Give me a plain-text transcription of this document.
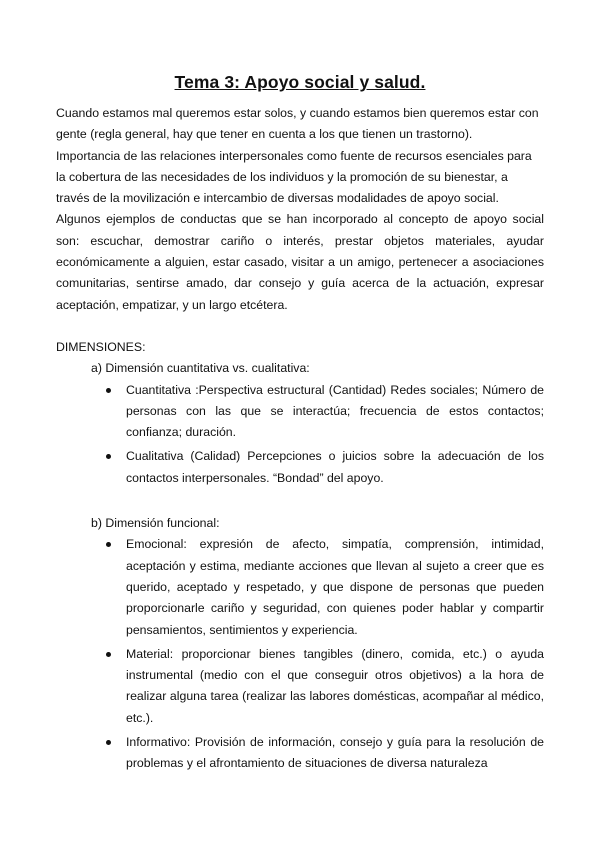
Tema 3: Apoyo social y salud.

Cuando estamos mal queremos estar solos, y cuando estamos bien queremos estar con gente (regla general, hay que tener en cuenta a los que tienen un trastorno).

Importancia de las relaciones interpersonales como fuente de recursos esenciales para la cobertura de las necesidades de los individuos y la promoción de su bienestar, a través de la movilización e intercambio de diversas modalidades de apoyo social.

Algunos ejemplos de conductas que se han incorporado al concepto de apoyo social son: escuchar, demostrar cariño o interés, prestar objetos materiales, ayudar económicamente a alguien, estar casado, visitar a un amigo, pertenecer a asociaciones comunitarias, sentirse amado, dar consejo y guía acerca de la actuación, expresar aceptación, empatizar, y un largo etcétera.

DIMENSIONES:

a) Dimensión cuantitativa vs. cualitativa:

Cuantitativa :Perspectiva estructural (Cantidad) Redes sociales; Número de personas con las que se interactúa; frecuencia de estos contactos; confianza; duración.
Cualitativa (Calidad) Percepciones o juicios sobre la adecuación de los contactos interpersonales. “Bondad” del apoyo.

b) Dimensión funcional:

Emocional: expresión de afecto, simpatía, comprensión, intimidad, aceptación y estima, mediante acciones que llevan al sujeto a creer que es querido, aceptado y respetado, y que dispone de personas que pueden proporcionarle cariño y seguridad, con quienes poder hablar y compartir pensamientos, sentimientos y experiencia.
Material: proporcionar bienes tangibles (dinero, comida, etc.) o ayuda instrumental (medio con el que conseguir otros objetivos) a la hora de realizar alguna tarea (realizar las labores domésticas, acompañar al médico, etc.).
Informativo: Provisión de información, consejo y guía para la resolución de problemas y el afrontamiento de situaciones de diversa naturaleza
